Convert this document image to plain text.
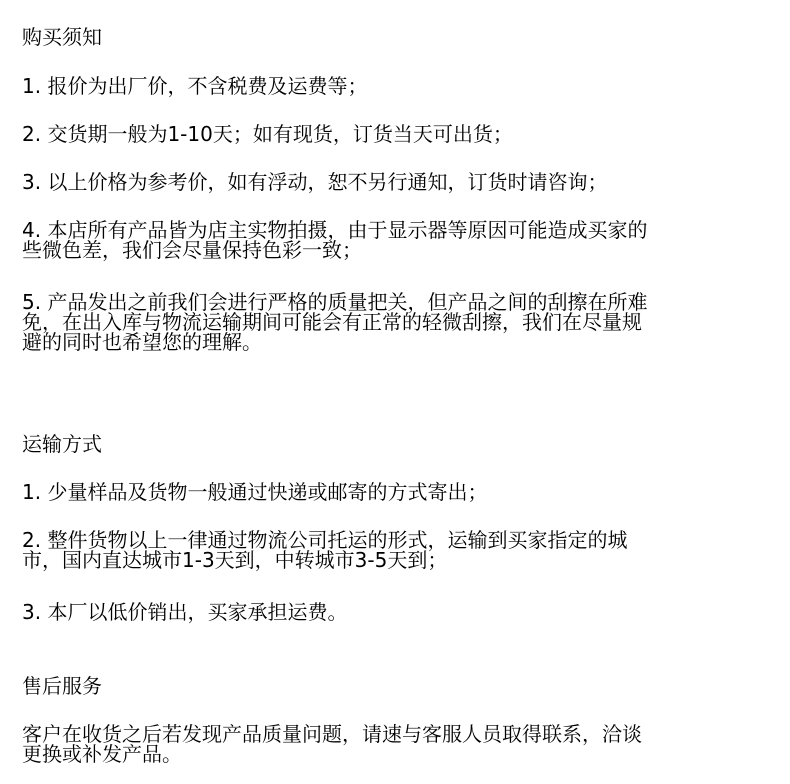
购买须知
1. 报价为出厂价，不含税费及运费等；
2. 交货期一般为1-10天；如有现货，订货当天可出货；
3. 以上价格为参考价，如有浮动，恕不另行通知，订货时请咨询；
4. 本店所有产品皆为店主实物拍摄，由于显示器等原因可能造成买家的
些微色差，我们会尽量保持色彩一致；
5. 产品发出之前我们会进行严格的质量把关，但产品之间的刮擦在所难
免，在出入库与物流运输期间可能会有正常的轻微刮擦，我们在尽量规
避的同时也希望您的理解。
运输方式
1. 少量样品及货物一般通过快递或邮寄的方式寄出；
2. 整件货物以上一律通过物流公司托运的形式，运输到买家指定的城
市，国内直达城市1-3天到，中转城市3-5天到；
3. 本厂以低价销出，买家承担运费。
售后服务
客户在收货之后若发现产品质量问题，请速与客服人员取得联系，洽谈
更换或补发产品。
